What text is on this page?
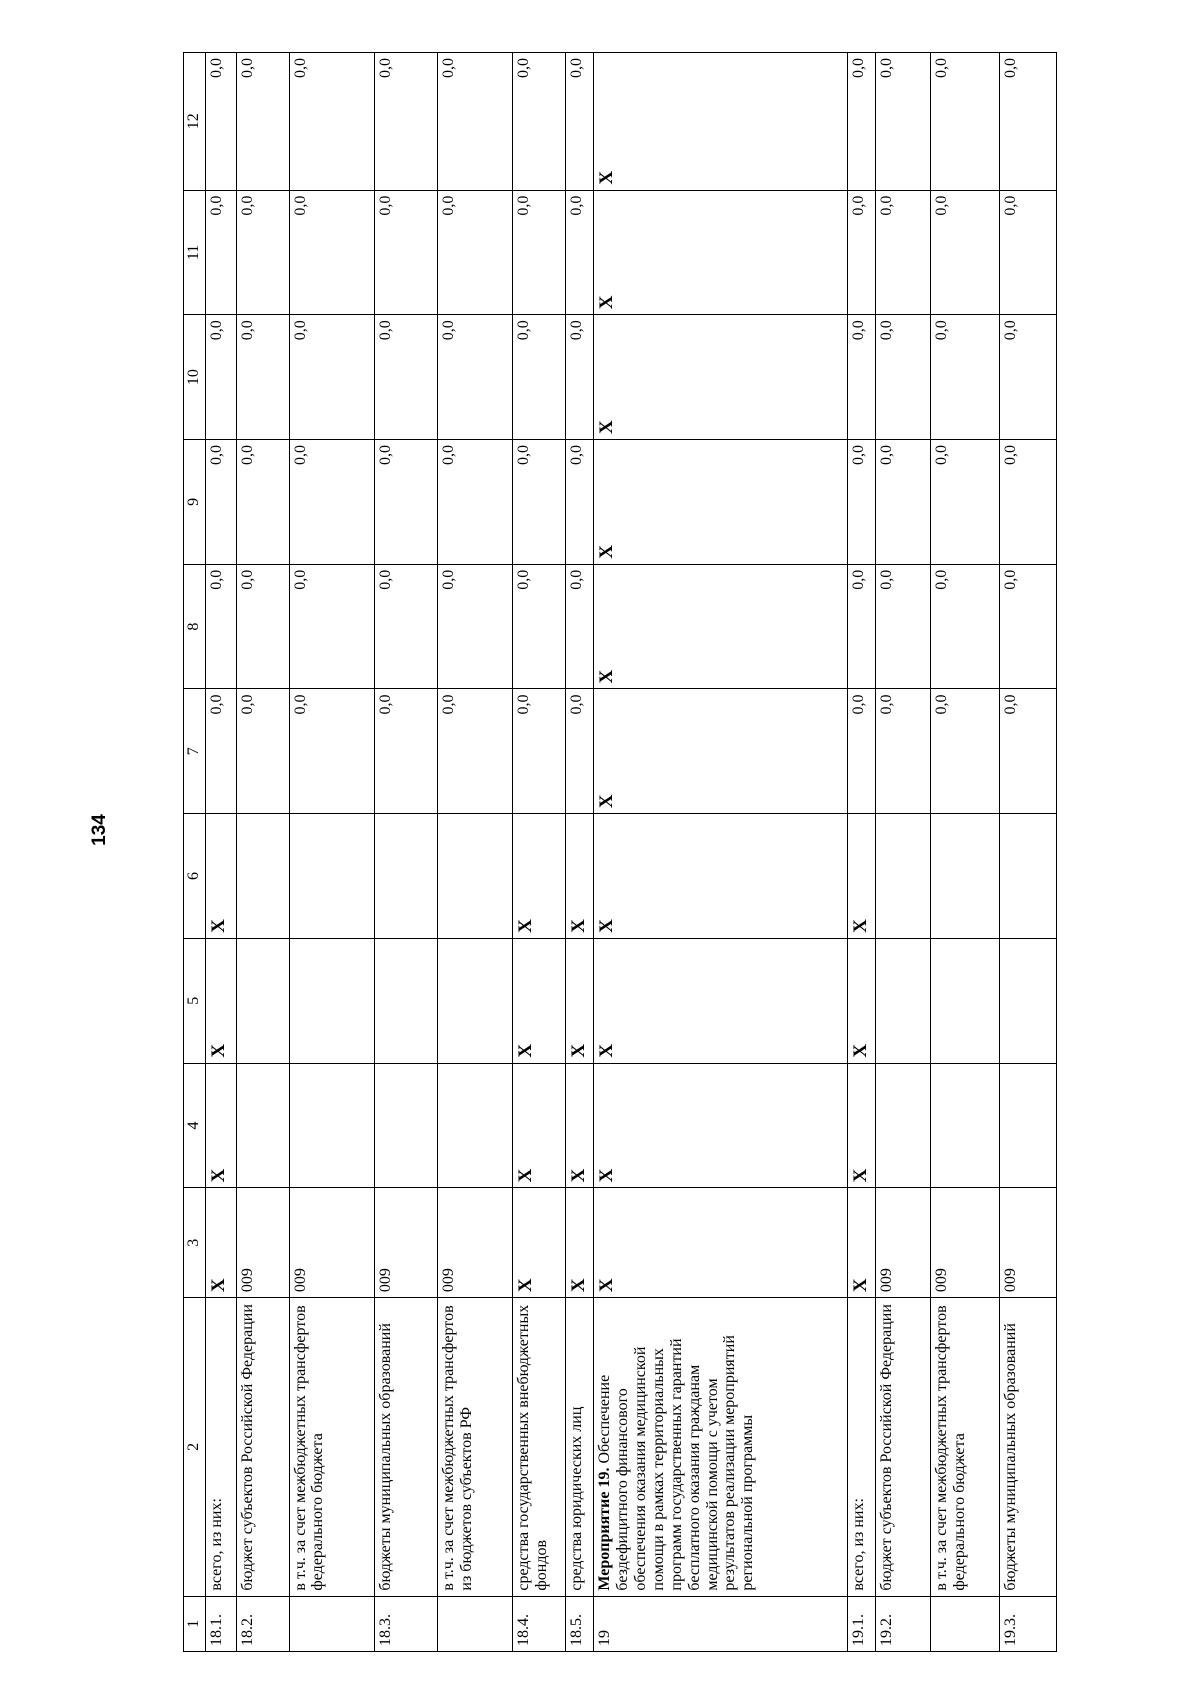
134
1	2	3	4	5	6	7	8	9	10	11	12
18.1.	всего, из них:	Х	Х	Х	Х	0,0	0,0	0,0	0,0	0,0	0,0
18.2.	бюджет субъектов Российской Федерации	009				0,0	0,0	0,0	0,0	0,0	0,0
	в т.ч. за счет межбюджетных трансфертов федерального бюджета	009				0,0	0,0	0,0	0,0	0,0	0,0
18.3.	бюджеты муниципальных образований	009				0,0	0,0	0,0	0,0	0,0	0,0
	в т.ч. за счет межбюджетных трансфертов из бюджетов субъектов РФ	009				0,0	0,0	0,0	0,0	0,0	0,0
18.4.	средства государственных внебюджетных фондов	Х	Х	Х	Х	0,0	0,0	0,0	0,0	0,0	0,0
18.5.	средства юридических лиц	Х	Х	Х	Х	0,0	0,0	0,0	0,0	0,0	0,0
19	Мероприятие 19. Обеспечение бездефицитного финансового обеспечения оказания медицинской помощи в рамках территориальных программ государственных гарантий бесплатного оказания гражданам медицинской помощи с учетом результатов реализации мероприятий региональной программы	Х	Х	Х	Х	Х	Х	Х	Х	Х	Х
19.1.	всего, из них:	Х	Х	Х	Х	0,0	0,0	0,0	0,0	0,0	0,0
19.2.	бюджет субъектов Российской Федерации	009				0,0	0,0	0,0	0,0	0,0	0,0
	в т.ч. за счет межбюджетных трансфертов федерального бюджета	009				0,0	0,0	0,0	0,0	0,0	0,0
19.3.	бюджеты муниципальных образований	009				0,0	0,0	0,0	0,0	0,0	0,0
